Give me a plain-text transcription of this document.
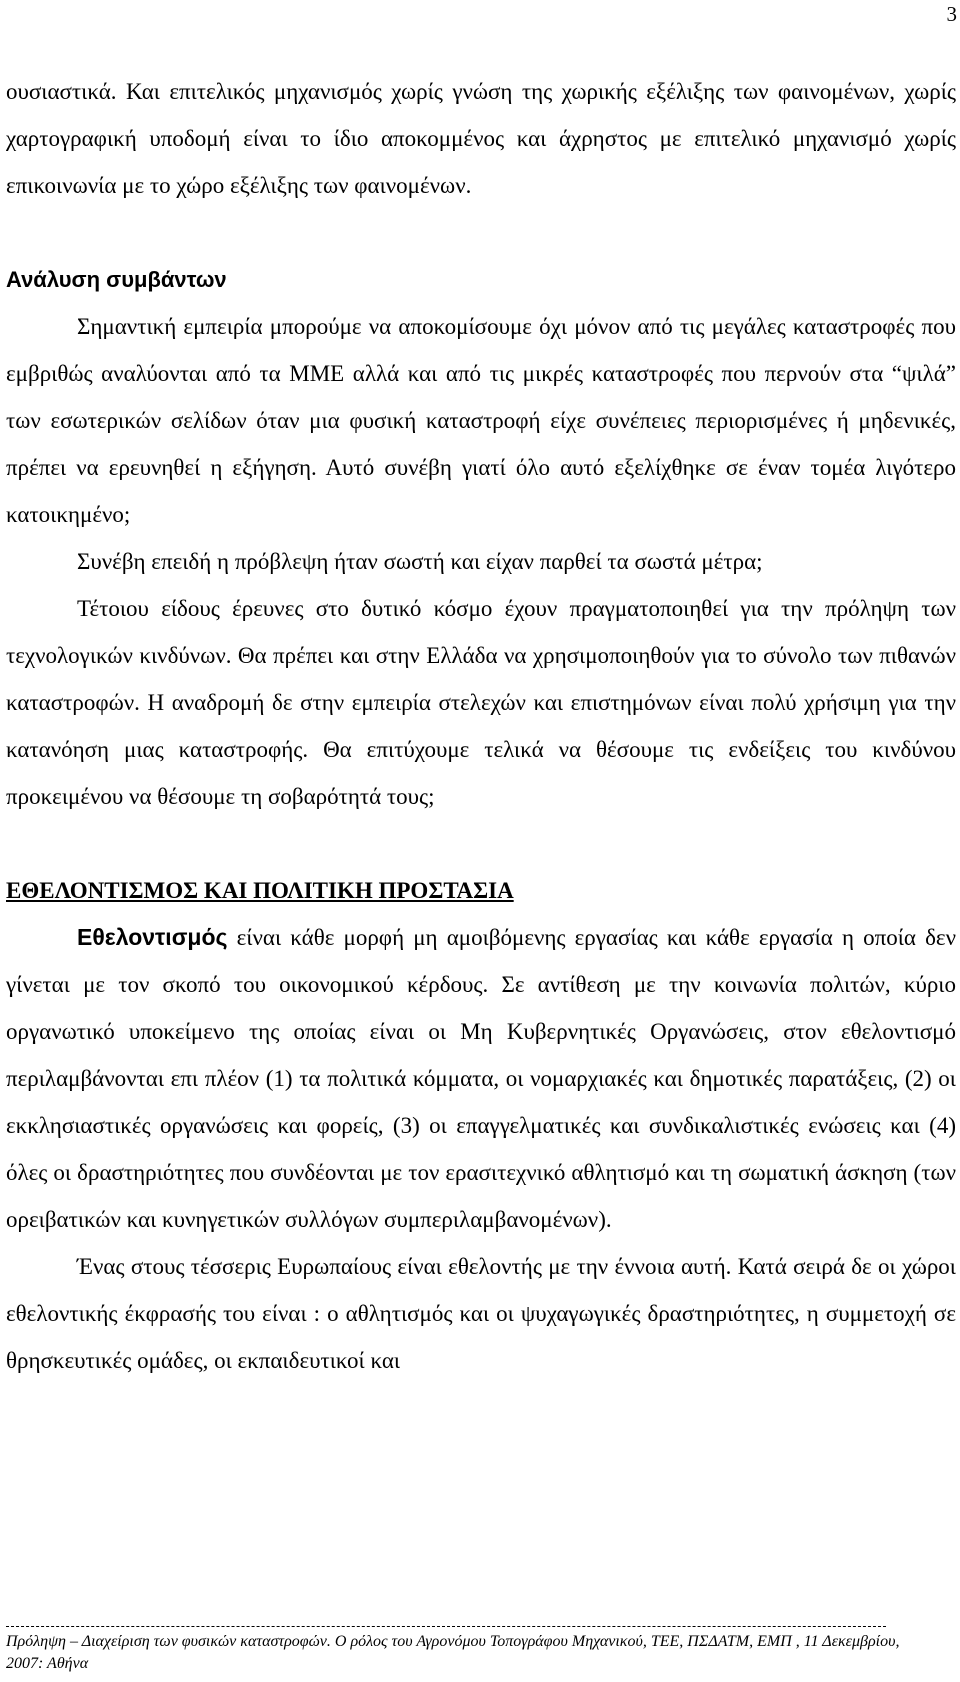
3

ουσιαστικά. Και επιτελικός μηχανισμός χωρίς γνώση της χωρικής εξέλιξης των φαινομένων, χωρίς χαρτογραφική υποδομή είναι το ίδιο αποκομμένος και άχρηστος με επιτελικό μηχανισμό χωρίς επικοινωνία με το χώρο εξέλιξης των φαινομένων.

Ανάλυση συμβάντων

Σημαντική εμπειρία μπορούμε να αποκομίσουμε όχι μόνον από τις μεγάλες καταστροφές που εμβριθώς αναλύονται από τα ΜΜΕ αλλά και από τις μικρές καταστροφές που περνούν στα “ψιλά” των εσωτερικών σελίδων όταν μια φυσική καταστροφή είχε συνέπειες περιορισμένες ή μηδενικές, πρέπει να ερευνηθεί η εξήγηση. Αυτό συνέβη γιατί όλο αυτό εξελίχθηκε σε έναν τομέα λιγότερο κατοικημένο;

Συνέβη επειδή η πρόβλεψη ήταν σωστή και είχαν παρθεί τα σωστά μέτρα;

Τέτοιου είδους έρευνες στο δυτικό κόσμο έχουν πραγματοποιηθεί για την πρόληψη των τεχνολογικών κινδύνων. Θα πρέπει και στην Ελλάδα να χρησιμοποιηθούν για το σύνολο των πιθανών καταστροφών. Η αναδρομή δε στην εμπειρία στελεχών και επιστημόνων είναι πολύ χρήσιμη για την κατανόηση μιας καταστροφής. Θα επιτύχουμε τελικά να θέσουμε τις ενδείξεις του κινδύνου προκειμένου να θέσουμε τη σοβαρότητά τους;

ΕΘΕΛΟΝΤΙΣΜΟΣ ΚΑΙ ΠΟΛΙΤΙΚΗ ΠΡΟΣΤΑΣΙΑ

Εθελοντισμός είναι κάθε μορφή μη αμοιβόμενης εργασίας και κάθε εργασία η οποία δεν γίνεται με τον σκοπό του οικονομικού κέρδους. Σε αντίθεση με την κοινωνία πολιτών, κύριο οργανωτικό υποκείμενο της οποίας είναι οι Μη Κυβερνητικές Οργανώσεις, στον εθελοντισμό περιλαμβάνονται επι πλέον (1) τα πολιτικά κόμματα, οι νομαρχιακές και δημοτικές παρατάξεις, (2) οι εκκλησιαστικές οργανώσεις και φορείς, (3) οι επαγγελματικές και συνδικαλιστικές ενώσεις και (4) όλες οι δραστηριότητες που συνδέονται με τον ερασιτεχνικό αθλητισμό και τη σωματική άσκηση (των ορειβατικών και κυνηγετικών συλλόγων συμπεριλαμβανομένων).

Ένας στους τέσσερις Ευρωπαίους είναι εθελοντής με την έννοια αυτή. Κατά σειρά δε οι χώροι εθελοντικής έκφρασής του είναι : ο αθλητισμός και οι ψυχαγωγικές δραστηριότητες, η συμμετοχή σε θρησκευτικές ομάδες, οι εκπαιδευτικοί και

Πρόληψη – Διαχείριση των φυσικών καταστροφών. Ο ρόλος του Αγρονόμου Τοπογράφου Μηχανικού, ΤΕΕ, ΠΣΔΑΤΜ, ΕΜΠ , 11 Δεκεμβρίου, 2007: Αθήνα
